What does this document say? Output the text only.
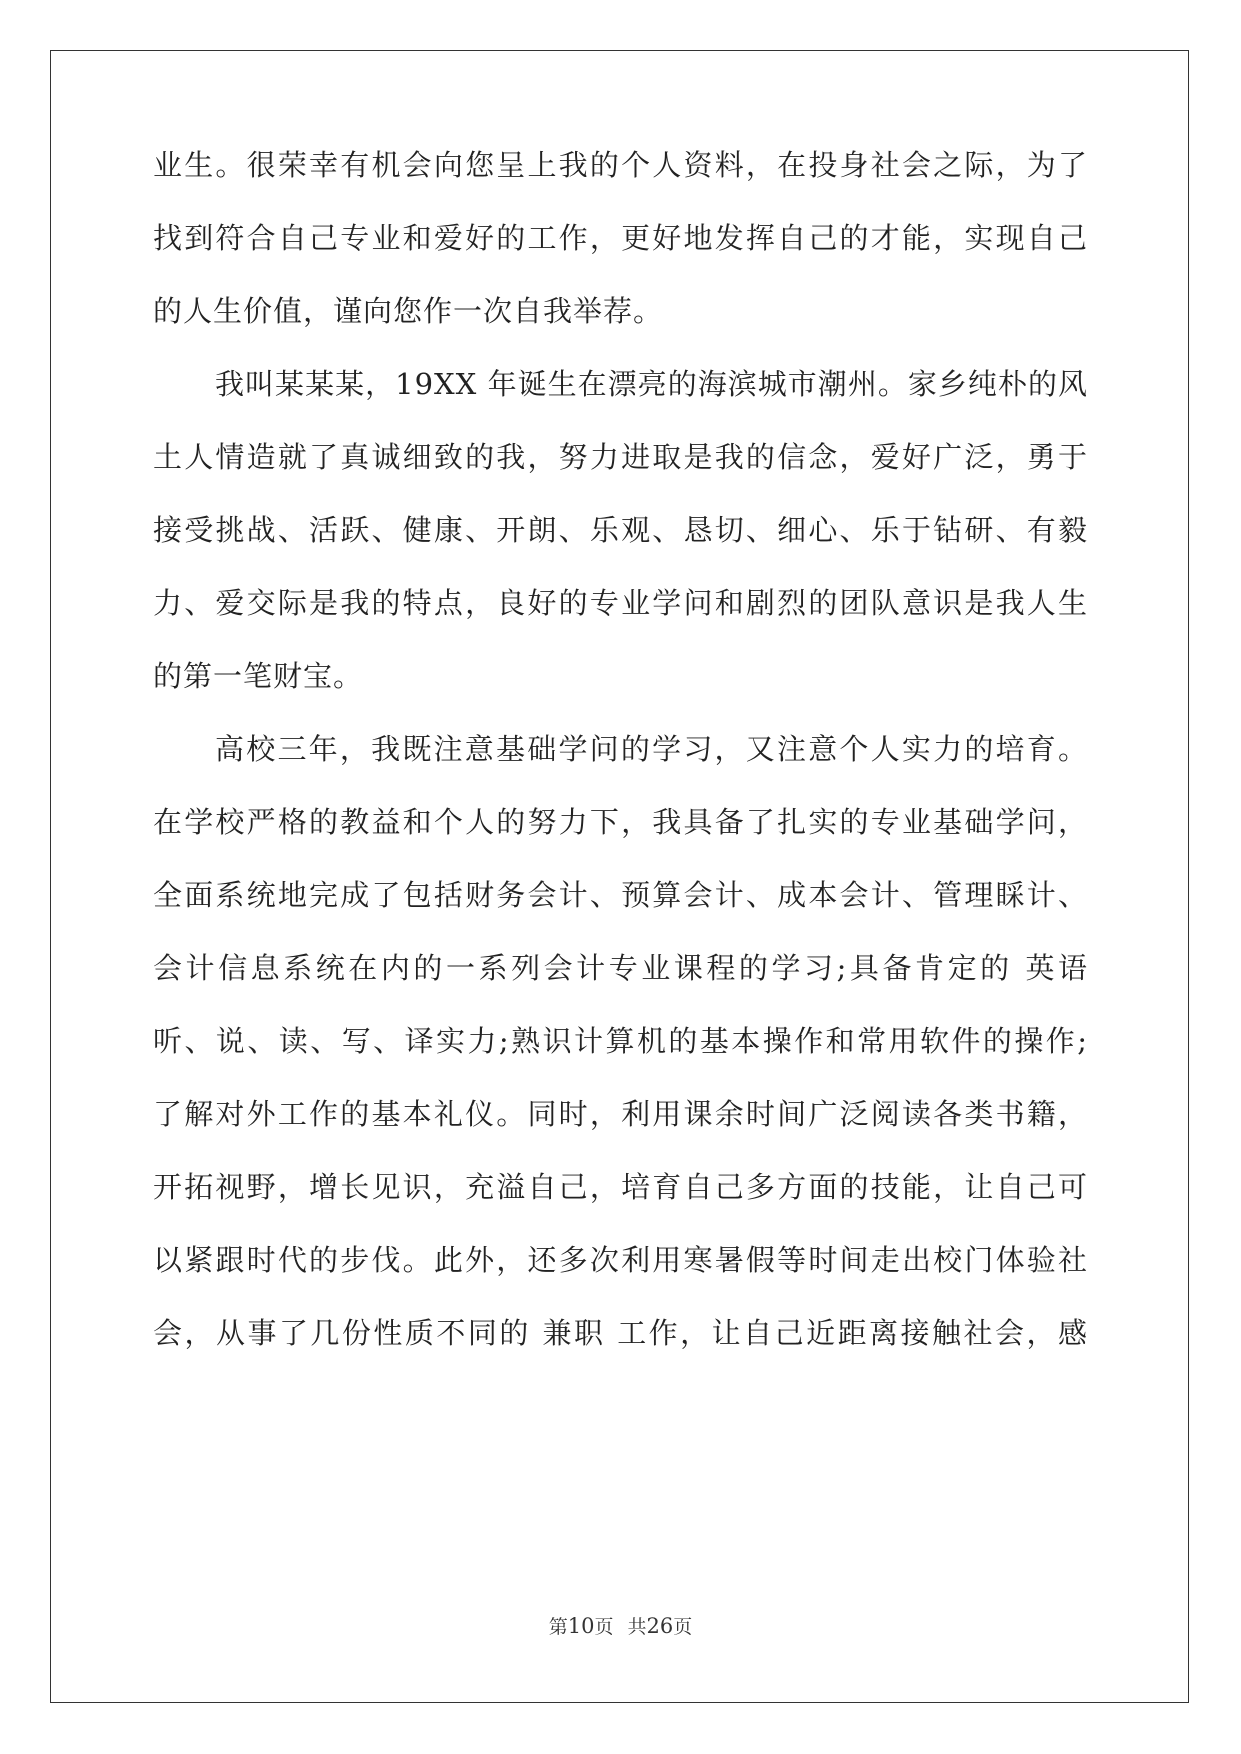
业生。很荣幸有机会向您呈上我的个人资料，在投身社会之际，为了
找到符合自己专业和爱好的工作，更好地发挥自己的才能，实现自己
的人生价值，谨向您作一次自我举荐。
我叫某某某，19XX 年诞生在漂亮的海滨城市潮州。家乡纯朴的风
土人情造就了真诚细致的我，努力进取是我的信念，爱好广泛，勇于
接受挑战、活跃、健康、开朗、乐观、恳切、细心、乐于钻研、有毅
力、爱交际是我的特点，良好的专业学问和剧烈的团队意识是我人生
的第一笔财宝。
高校三年，我既注意基础学问的学习，又注意个人实力的培育。
在学校严格的教益和个人的努力下，我具备了扎实的专业基础学问，
全面系统地完成了包括财务会计、预算会计、成本会计、管理睬计、
会计信息系统在内的一系列会计专业课程的学习;具备肯定的 英语
听、说、读、写、译实力;熟识计算机的基本操作和常用软件的操作;
了解对外工作的基本礼仪。同时，利用课余时间广泛阅读各类书籍，
开拓视野，增长见识，充溢自己，培育自己多方面的技能，让自己可
以紧跟时代的步伐。此外，还多次利用寒暑假等时间走出校门体验社
会，从事了几份性质不同的 兼职 工作，让自己近距离接触社会，感
第10页 共26页
